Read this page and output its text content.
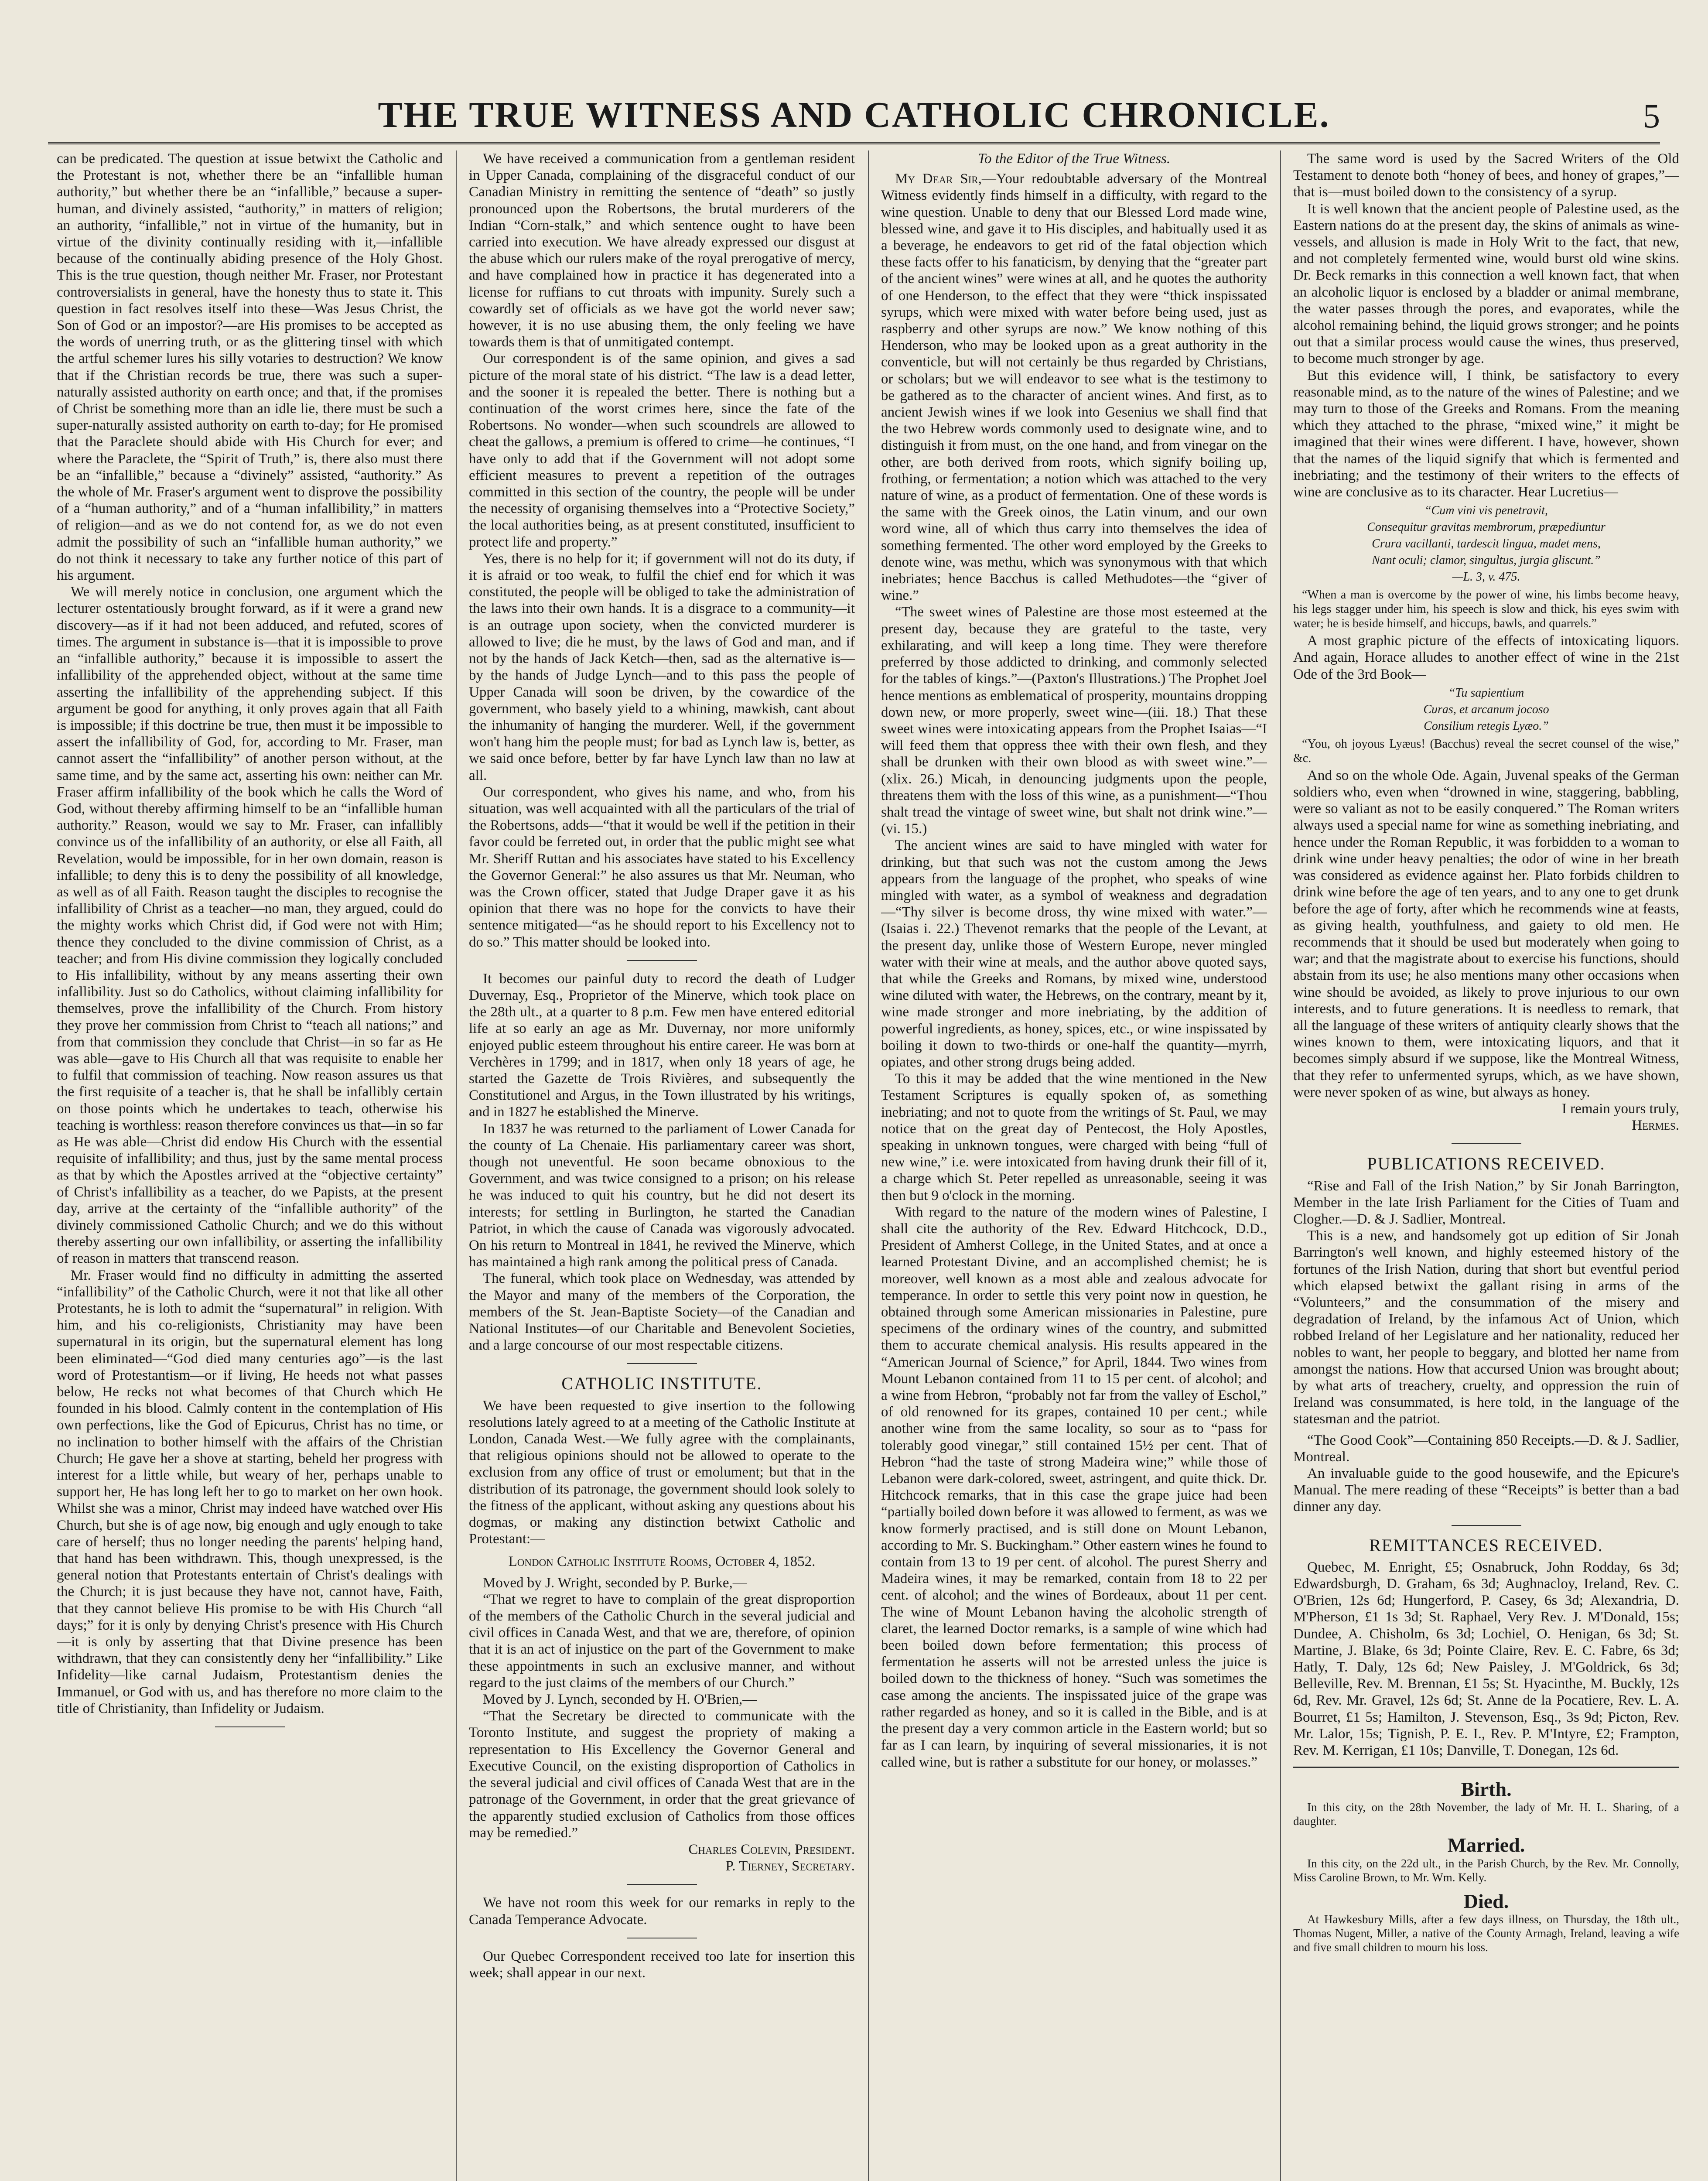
THE TRUE WITNESS AND CATHOLIC CHRONICLE.	5

can be predicated. The question at issue betwixt the Catholic and the Protestant is not, whether there be an “infallible human authority,” but whether there be an “infallible,” because a super-human, and divinely assisted, “authority,” in matters of religion; an authority, “infallible,” not in virtue of the humanity, but in virtue of the divinity continually residing with it,—infallible because of the continually abiding presence of the Holy Ghost. This is the true question, though neither Mr. Fraser, nor Protestant controversialists in general, have the honesty thus to state it. This question in fact resolves itself into these—Was Jesus Christ, the Son of God or an impostor?—are His promises to be accepted as the words of unerring truth, or as the glittering tinsel with which the artful schemer lures his silly votaries to destruction? We know that if the Christian records be true, there was such a super-naturally assisted authority on earth once; and that, if the promises of Christ be something more than an idle lie, there must be such a super-naturally assisted authority on earth to-day; for He promised that the Paraclete should abide with His Church for ever; and where the Paraclete, the “Spirit of Truth,” is, there also must there be an “infallible,” because a “divinely” assisted, “authority.” As the whole of Mr. Fraser's argument went to disprove the possibility of a “human authority,” and of a “human infallibility,” in matters of religion—and as we do not contend for, as we do not even admit the possibility of such an “infallible human authority,” we do not think it necessary to take any further notice of this part of his argument.

We will merely notice in conclusion, one argument which the lecturer ostentatiously brought forward, as if it were a grand new discovery—as if it had not been adduced, and refuted, scores of times. The argument in substance is—that it is impossible to prove an “infallible authority,” because it is impossible to assert the infallibility of the apprehended object, without at the same time asserting the infallibility of the apprehending subject. If this argument be good for anything, it only proves again that all Faith is impossible; if this doctrine be true, then must it be impossible to assert the infallibility of God, for, according to Mr. Fraser, man cannot assert the “infallibility” of another person without, at the same time, and by the same act, asserting his own: neither can Mr. Fraser affirm infallibility of the book which he calls the Word of God, without thereby affirming himself to be an “infallible human authority.” Reason, would we say to Mr. Fraser, can infallibly convince us of the infallibility of an authority, or else all Faith, all Revelation, would be impossible, for in her own domain, reason is infallible; to deny this is to deny the possibility of all knowledge, as well as of all Faith. Reason taught the disciples to recognise the infallibility of Christ as a teacher—no man, they argued, could do the mighty works which Christ did, if God were not with Him; thence they concluded to the divine commission of Christ, as a teacher; and from His divine commission they logically concluded to His infallibility, without by any means asserting their own infallibility. Just so do Catholics, without claiming infallibility for themselves, prove the infallibility of the Church. From history they prove her commission from Christ to “teach all nations;” and from that commission they conclude that Christ—in so far as He was able—gave to His Church all that was requisite to enable her to fulfil that commission of teaching. Now reason assures us that the first requisite of a teacher is, that he shall be infallibly certain on those points which he undertakes to teach, otherwise his teaching is worthless: reason therefore convinces us that—in so far as He was able—Christ did endow His Church with the essential requisite of infallibility; and thus, just by the same mental process as that by which the Apostles arrived at the “objective certainty” of Christ's infallibility as a teacher, do we Papists, at the present day, arrive at the certainty of the “infallible authority” of the divinely commissioned Catholic Church; and we do this without thereby asserting our own infallibility, or asserting the infallibility of reason in matters that transcend reason.

Mr. Fraser would find no difficulty in admitting the asserted “infallibility” of the Catholic Church, were it not that like all other Protestants, he is loth to admit the “supernatural” in religion. With him, and his co-religionists, Christianity may have been supernatural in its origin, but the supernatural element has long been eliminated—“God died many centuries ago”—is the last word of Protestantism—or if living, He heeds not what passes below, He recks not what becomes of that Church which He founded in his blood. Calmly content in the contemplation of His own perfections, like the God of Epicurus, Christ has no time, or no inclination to bother himself with the affairs of the Christian Church; He gave her a shove at starting, beheld her progress with interest for a little while, but weary of her, perhaps unable to support her, He has long left her to go to market on her own hook. Whilst she was a minor, Christ may indeed have watched over His Church, but she is of age now, big enough and ugly enough to take care of herself; thus no longer needing the parents' helping hand, that hand has been withdrawn. This, though unexpressed, is the general notion that Protestants entertain of Christ's dealings with the Church; it is just because they have not, cannot have, Faith, that they cannot believe His promise to be with His Church “all days;” for it is only by denying Christ's presence with His Church—it is only by asserting that that Divine presence has been withdrawn, that they can consistently deny her “infallibility.” Like Infidelity—like carnal Judaism, Protestantism denies the Immanuel, or God with us, and has therefore no more claim to the title of Christianity, than Infidelity or Judaism.

We have received a communication from a gentleman resident in Upper Canada, complaining of the disgraceful conduct of our Canadian Ministry in remitting the sentence of “death” so justly pronounced upon the Robertsons, the brutal murderers of the Indian “Corn-stalk,” and which sentence ought to have been carried into execution. We have already expressed our disgust at the abuse which our rulers make of the royal prerogative of mercy, and have complained how in practice it has degenerated into a license for ruffians to cut throats with impunity. Surely such a cowardly set of officials as we have got the world never saw; however, it is no use abusing them, the only feeling we have towards them is that of unmitigated contempt.

Our correspondent is of the same opinion, and gives a sad picture of the moral state of his district. “The law is a dead letter, and the sooner it is repealed the better. There is nothing but a continuation of the worst crimes here, since the fate of the Robertsons. No wonder—when such scoundrels are allowed to cheat the gallows, a premium is offered to crime—he continues, “I have only to add that if the Government will not adopt some efficient measures to prevent a repetition of the outrages committed in this section of the country, the people will be under the necessity of organising themselves into a “Protective Society,” the local authorities being, as at present constituted, insufficient to protect life and property.”

Yes, there is no help for it; if government will not do its duty, if it is afraid or too weak, to fulfil the chief end for which it was constituted, the people will be obliged to take the administration of the laws into their own hands. It is a disgrace to a community—it is an outrage upon society, when the convicted murderer is allowed to live; die he must, by the laws of God and man, and if not by the hands of Jack Ketch—then, sad as the alternative is—by the hands of Judge Lynch—and to this pass the people of Upper Canada will soon be driven, by the cowardice of the government, who basely yield to a whining, mawkish, cant about the inhumanity of hanging the murderer. Well, if the government won't hang him the people must; for bad as Lynch law is, better, as we said once before, better by far have Lynch law than no law at all.

Our correspondent, who gives his name, and who, from his situation, was well acquainted with all the particulars of the trial of the Robertsons, adds—“that it would be well if the petition in their favor could be ferreted out, in order that the public might see what Mr. Sheriff Ruttan and his associates have stated to his Excellency the Governor General:” he also assures us that Mr. Neuman, who was the Crown officer, stated that Judge Draper gave it as his opinion that there was no hope for the convicts to have their sentence mitigated—“as he should report to his Excellency not to do so.” This matter should be looked into.

It becomes our painful duty to record the death of Ludger Duvernay, Esq., Proprietor of the Minerve, which took place on the 28th ult., at a quarter to 8 p.m. Few men have entered editorial life at so early an age as Mr. Duvernay, nor more uniformly enjoyed public esteem throughout his entire career. He was born at Verchères in 1799; and in 1817, when only 18 years of age, he started the Gazette de Trois Rivières, and subsequently the Constitutionel and Argus, in the Town illustrated by his writings, and in 1827 he established the Minerve.

In 1837 he was returned to the parliament of Lower Canada for the county of La Chenaie. His parliamentary career was short, though not uneventful. He soon became obnoxious to the Government, and was twice consigned to a prison; on his release he was induced to quit his country, but he did not desert its interests; for settling in Burlington, he started the Canadian Patriot, in which the cause of Canada was vigorously advocated. On his return to Montreal in 1841, he revived the Minerve, which has maintained a high rank among the political press of Canada.

The funeral, which took place on Wednesday, was attended by the Mayor and many of the members of the Corporation, the members of the St. Jean-Baptiste Society—of the Canadian and National Institutes—of our Charitable and Benevolent Societies, and a large concourse of our most respectable citizens.

CATHOLIC INSTITUTE.

We have been requested to give insertion to the following resolutions lately agreed to at a meeting of the Catholic Institute at London, Canada West.—We fully agree with the complainants, that religious opinions should not be allowed to operate to the exclusion from any office of trust or emolument; but that in the distribution of its patronage, the government should look solely to the fitness of the applicant, without asking any questions about his dogmas, or making any distinction betwixt Catholic and Protestant:—

London Catholic Institute Rooms, October 4, 1852.

Moved by J. Wright, seconded by P. Burke,—

“That we regret to have to complain of the great disproportion of the members of the Catholic Church in the several judicial and civil offices in Canada West, and that we are, therefore, of opinion that it is an act of injustice on the part of the Government to make these appointments in such an exclusive manner, and without regard to the just claims of the members of our Church.”

Moved by J. Lynch, seconded by H. O'Brien,—

“That the Secretary be directed to communicate with the Toronto Institute, and suggest the propriety of making a representation to His Excellency the Governor General and Executive Council, on the existing disproportion of Catholics in the several judicial and civil offices of Canada West that are in the patronage of the Government, in order that the great grievance of the apparently studied exclusion of Catholics from those offices may be remedied.”

Charles Colevin, President.

P. Tierney, Secretary.

We have not room this week for our remarks in reply to the Canada Temperance Advocate.

Our Quebec Correspondent received too late for insertion this week; shall appear in our next.

To the Editor of the True Witness.

My Dear Sir,—Your redoubtable adversary of the Montreal Witness evidently finds himself in a difficulty, with regard to the wine question. Unable to deny that our Blessed Lord made wine, blessed wine, and gave it to His disciples, and habitually used it as a beverage, he endeavors to get rid of the fatal objection which these facts offer to his fanaticism, by denying that the “greater part of the ancient wines” were wines at all, and he quotes the authority of one Henderson, to the effect that they were “thick inspissated syrups, which were mixed with water before being used, just as raspberry and other syrups are now.” We know nothing of this Henderson, who may be looked upon as a great authority in the conventicle, but will not certainly be thus regarded by Christians, or scholars; but we will endeavor to see what is the testimony to be gathered as to the character of ancient wines. And first, as to ancient Jewish wines if we look into Gesenius we shall find that the two Hebrew words commonly used to designate wine, and to distinguish it from must, on the one hand, and from vinegar on the other, are both derived from roots, which signify boiling up, frothing, or fermentation; a notion which was attached to the very nature of wine, as a product of fermentation. One of these words is the same with the Greek oinos, the Latin vinum, and our own word wine, all of which thus carry into themselves the idea of something fermented. The other word employed by the Greeks to denote wine, was methu, which was synonymous with that which inebriates; hence Bacchus is called Methudotes—the “giver of wine.”

“The sweet wines of Palestine are those most esteemed at the present day, because they are grateful to the taste, very exhilarating, and will keep a long time. They were therefore preferred by those addicted to drinking, and commonly selected for the tables of kings.”—(Paxton's Illustrations.) The Prophet Joel hence mentions as emblematical of prosperity, mountains dropping down new, or more properly, sweet wine—(iii. 18.) That these sweet wines were intoxicating appears from the Prophet Isaias—“I will feed them that oppress thee with their own flesh, and they shall be drunken with their own blood as with sweet wine.”—(xlix. 26.) Micah, in denouncing judgments upon the people, threatens them with the loss of this wine, as a punishment—“Thou shalt tread the vintage of sweet wine, but shalt not drink wine.”—(vi. 15.)

The ancient wines are said to have mingled with water for drinking, but that such was not the custom among the Jews appears from the language of the prophet, who speaks of wine mingled with water, as a symbol of weakness and degradation—“Thy silver is become dross, thy wine mixed with water.”—(Isaias i. 22.) Thevenot remarks that the people of the Levant, at the present day, unlike those of Western Europe, never mingled water with their wine at meals, and the author above quoted says, that while the Greeks and Romans, by mixed wine, understood wine diluted with water, the Hebrews, on the contrary, meant by it, wine made stronger and more inebriating, by the addition of powerful ingredients, as honey, spices, etc., or wine inspissated by boiling it down to two-thirds or one-half the quantity—myrrh, opiates, and other strong drugs being added.

To this it may be added that the wine mentioned in the New Testament Scriptures is equally spoken of, as something inebriating; and not to quote from the writings of St. Paul, we may notice that on the great day of Pentecost, the Holy Apostles, speaking in unknown tongues, were charged with being “full of new wine,” i.e. were intoxicated from having drunk their fill of it, a charge which St. Peter repelled as unreasonable, seeing it was then but 9 o'clock in the morning.

With regard to the nature of the modern wines of Palestine, I shall cite the authority of the Rev. Edward Hitchcock, D.D., President of Amherst College, in the United States, and at once a learned Protestant Divine, and an accomplished chemist; he is moreover, well known as a most able and zealous advocate for temperance. In order to settle this very point now in question, he obtained through some American missionaries in Palestine, pure specimens of the ordinary wines of the country, and submitted them to accurate chemical analysis. His results appeared in the “American Journal of Science,” for April, 1844. Two wines from Mount Lebanon contained from 11 to 15 per cent. of alcohol; and a wine from Hebron, “probably not far from the valley of Eschol,” of old renowned for its grapes, contained 10 per cent.; while another wine from the same locality, so sour as to “pass for tolerably good vinegar,” still contained 15½ per cent. That of Hebron “had the taste of strong Madeira wine;” while those of Lebanon were dark-colored, sweet, astringent, and quite thick. Dr. Hitchcock remarks, that in this case the grape juice had been “partially boiled down before it was allowed to ferment, as was we know formerly practised, and is still done on Mount Lebanon, according to Mr. S. Buckingham.” Other eastern wines he found to contain from 13 to 19 per cent. of alcohol. The purest Sherry and Madeira wines, it may be remarked, contain from 18 to 22 per cent. of alcohol; and the wines of Bordeaux, about 11 per cent. The wine of Mount Lebanon having the alcoholic strength of claret, the learned Doctor remarks, is a sample of wine which had been boiled down before fermentation; this process of fermentation he asserts will not be arrested unless the juice is boiled down to the thickness of honey. “Such was sometimes the case among the ancients. The inspissated juice of the grape was rather regarded as honey, and so it is called in the Bible, and is at the present day a very common article in the Eastern world; but so far as I can learn, by inquiring of several missionaries, it is not called wine, but is rather a substitute for our honey, or molasses.”

The same word is used by the Sacred Writers of the Old Testament to denote both “honey of bees, and honey of grapes,”—that is—must boiled down to the consistency of a syrup.

It is well known that the ancient people of Palestine used, as the Eastern nations do at the present day, the skins of animals as wine-vessels, and allusion is made in Holy Writ to the fact, that new, and not completely fermented wine, would burst old wine skins. Dr. Beck remarks in this connection a well known fact, that when an alcoholic liquor is enclosed by a bladder or animal membrane, the water passes through the pores, and evaporates, while the alcohol remaining behind, the liquid grows stronger; and he points out that a similar process would cause the wines, thus preserved, to become much stronger by age.

But this evidence will, I think, be satisfactory to every reasonable mind, as to the nature of the wines of Palestine; and we may turn to those of the Greeks and Romans. From the meaning which they attached to the phrase, “mixed wine,” it might be imagined that their wines were different. I have, however, shown that the names of the liquid signify that which is fermented and inebriating; and the testimony of their writers to the effects of wine are conclusive as to its character. Hear Lucretius—

“Cum vini vis penetravit,

Consequitur gravitas membrorum, præpediuntur

Crura vacillanti, tardescit lingua, madet mens,

Nant oculi; clamor, singultus, jurgia gliscunt.”

—L. 3, v. 475.

“When a man is overcome by the power of wine, his limbs become heavy, his legs stagger under him, his speech is slow and thick, his eyes swim with water; he is beside himself, and hiccups, bawls, and quarrels.”

A most graphic picture of the effects of intoxicating liquors. And again, Horace alludes to another effect of wine in the 21st Ode of the 3rd Book—

“Tu sapientium

Curas, et arcanum jocoso

Consilium retegis Lyæo.”

“You, oh joyous Lyæus! (Bacchus) reveal the secret counsel of the wise,” &c.

And so on the whole Ode. Again, Juvenal speaks of the German soldiers who, even when “drowned in wine, staggering, babbling, were so valiant as not to be easily conquered.” The Roman writers always used a special name for wine as something inebriating, and hence under the Roman Republic, it was forbidden to a woman to drink wine under heavy penalties; the odor of wine in her breath was considered as evidence against her. Plato forbids children to drink wine before the age of ten years, and to any one to get drunk before the age of forty, after which he recommends wine at feasts, as giving health, youthfulness, and gaiety to old men. He recommends that it should be used but moderately when going to war; and that the magistrate about to exercise his functions, should abstain from its use; he also mentions many other occasions when wine should be avoided, as likely to prove injurious to our own interests, and to future generations. It is needless to remark, that all the language of these writers of antiquity clearly shows that the wines known to them, were intoxicating liquors, and that it becomes simply absurd if we suppose, like the Montreal Witness, that they refer to unfermented syrups, which, as we have shown, were never spoken of as wine, but always as honey.

I remain yours truly,

Hermes.

PUBLICATIONS RECEIVED.

“Rise and Fall of the Irish Nation,” by Sir Jonah Barrington, Member in the late Irish Parliament for the Cities of Tuam and Clogher.—D. & J. Sadlier, Montreal.

This is a new, and handsomely got up edition of Sir Jonah Barrington's well known, and highly esteemed history of the fortunes of the Irish Nation, during that short but eventful period which elapsed betwixt the gallant rising in arms of the “Volunteers,” and the consummation of the misery and degradation of Ireland, by the infamous Act of Union, which robbed Ireland of her Legislature and her nationality, reduced her nobles to want, her people to beggary, and blotted her name from amongst the nations. How that accursed Union was brought about; by what arts of treachery, cruelty, and oppression the ruin of Ireland was consummated, is here told, in the language of the statesman and the patriot.

“The Good Cook”—Containing 850 Receipts.—D. & J. Sadlier, Montreal.

An invaluable guide to the good housewife, and the Epicure's Manual. The mere reading of these “Receipts” is better than a bad dinner any day.

REMITTANCES RECEIVED.

Quebec, M. Enright, £5; Osnabruck, John Rodday, 6s 3d; Edwardsburgh, D. Graham, 6s 3d; Aughnacloy, Ireland, Rev. C. O'Brien, 12s 6d; Hungerford, P. Casey, 6s 3d; Alexandria, D. M'Pherson, £1 1s 3d; St. Raphael, Very Rev. J. M'Donald, 15s; Dundee, A. Chisholm, 6s 3d; Lochiel, O. Henigan, 6s 3d; St. Martine, J. Blake, 6s 3d; Pointe Claire, Rev. E. C. Fabre, 6s 3d; Hatly, T. Daly, 12s 6d; New Paisley, J. M'Goldrick, 6s 3d; Belleville, Rev. M. Brennan, £1 5s; St. Hyacinthe, M. Buckly, 12s 6d, Rev. Mr. Gravel, 12s 6d; St. Anne de la Pocatiere, Rev. L. A. Bourret, £1 5s; Hamilton, J. Stevenson, Esq., 3s 9d; Picton, Rev. Mr. Lalor, 15s; Tignish, P. E. I., Rev. P. M'Intyre, £2; Frampton, Rev. M. Kerrigan, £1 10s; Danville, T. Donegan, 12s 6d.

Birth.

In this city, on the 28th November, the lady of Mr. H. L. Sharing, of a daughter.

Married.

In this city, on the 22d ult., in the Parish Church, by the Rev. Mr. Connolly, Miss Caroline Brown, to Mr. Wm. Kelly.

Died.

At Hawkesbury Mills, after a few days illness, on Thursday, the 18th ult., Thomas Nugent, Miller, a native of the County Armagh, Ireland, leaving a wife and five small children to mourn his loss.
